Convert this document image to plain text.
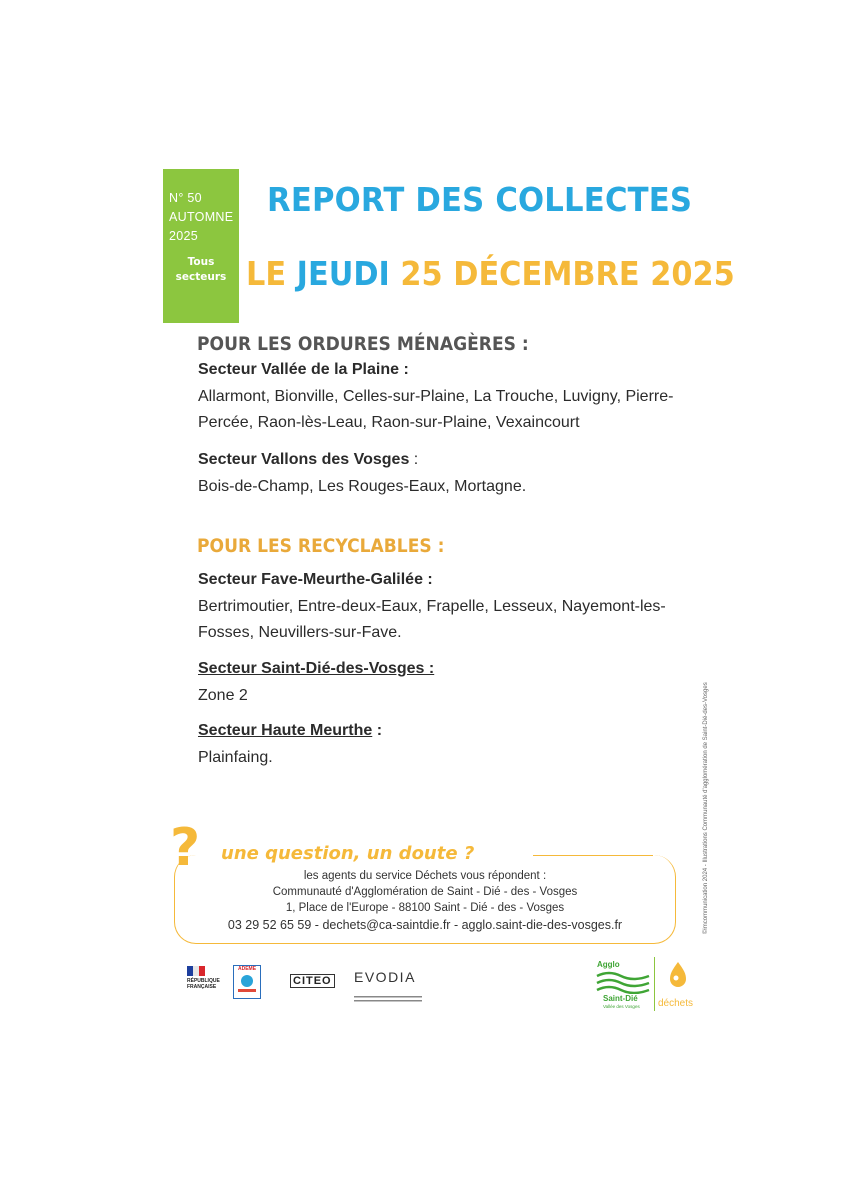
N° 50
AUTOMNE
2025
Tous
secteurs
REPORT DES COLLECTES
LE JEUDI 25 DÉCEMBRE 2025
POUR LES ORDURES MÉNAGÈRES :
Secteur Vallée de la Plaine :
Allarmont, Bionville, Celles-sur-Plaine, La Trouche, Luvigny, Pierre-
Percée, Raon-lès-Leau, Raon-sur-Plaine, Vexaincourt
Secteur Vallons des Vosges :
Bois-de-Champ, Les Rouges-Eaux, Mortagne.
POUR LES RECYCLABLES :
Secteur Fave-Meurthe-Galilée :
Bertrimoutier, Entre-deux-Eaux, Frapelle, Lesseux, Nayemont-les-
Fosses, Neuvillers-sur-Fave.
Secteur Saint-Dié-des-Vosges :
Zone 2
Secteur Haute Meurthe :
Plainfaing.
? une question, un doute ?
les agents du service Déchets vous répondent :
Communauté d'Agglomération de Saint - Dié - des - Vosges
1, Place de l'Europe - 88100 Saint - Dié - des - Vosges
03 29 52 65 59 - dechets@ca-saintdie.fr - agglo.saint-die-des-vosges.fr	©imcommunication 2024 - Illustrations Communauté d'agglomération de Saint-Dié-des-Vosges
RÉPUBLIQUE FRANÇAISE
ADEME
CITEO EVODIA
Agglo
Saint-Dié
Vallée des Vosges déchets
